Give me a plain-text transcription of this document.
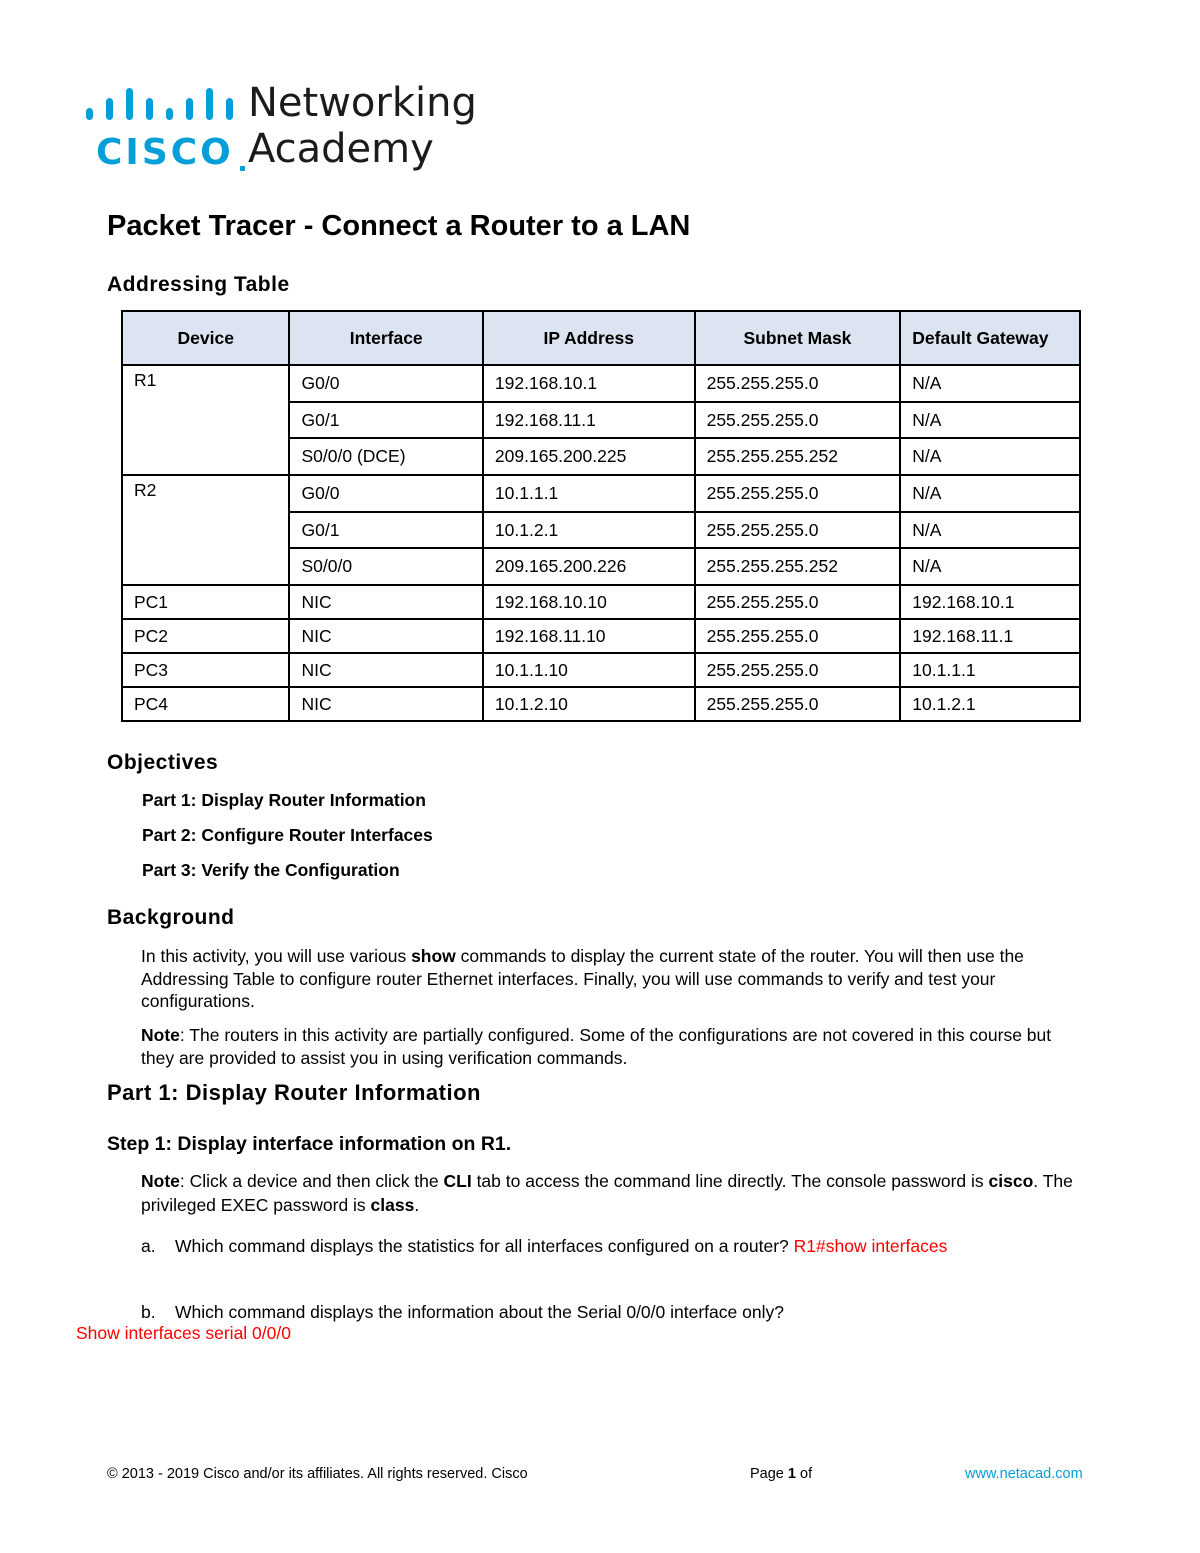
CISCO
Networking
Academy
Packet Tracer - Connect a Router to a LAN
Addressing Table
Device	Interface	IP Address	Subnet Mask	Default Gateway
R1	G0/0	192.168.10.1	255.255.255.0	N/A
	G0/1	192.168.11.1	255.255.255.0	N/A
	S0/0/0 (DCE)	209.165.200.225	255.255.255.252	N/A
R2	G0/0	10.1.1.1	255.255.255.0	N/A
	G0/1	10.1.2.1	255.255.255.0	N/A
	S0/0/0	209.165.200.226	255.255.255.252	N/A
PC1	NIC	192.168.10.10	255.255.255.0	192.168.10.1
PC2	NIC	192.168.11.10	255.255.255.0	192.168.11.1
PC3	NIC	10.1.1.10	255.255.255.0	10.1.1.1
PC4	NIC	10.1.2.10	255.255.255.0	10.1.2.1
Objectives

Part 1: Display Router Information

Part 2: Configure Router Interfaces

Part 3: Verify the Configuration

Background

In this activity, you will use various show commands to display the current state of the router. You will then use the Addressing Table to configure router Ethernet interfaces. Finally, you will use commands to verify and test your configurations.

Note: The routers in this activity are partially configured. Some of the configurations are not covered in this course but they are provided to assist you in using verification commands.

Part 1: Display Router Information
Step 1: Display interface information on R1.

Note: Click a device and then click the CLI tab to access the command line directly. The console password is cisco. The privileged EXEC password is class.

a. Which command displays the statistics for all interfaces configured on a router? R1#show interfaces

b. Which command displays the information about the Serial 0/0/0 interface only?

Show interfaces serial 0/0/0

© 2013 - 2019 Cisco and/or its affiliates. All rights reserved. Cisco	Page 1 of	www.netacad.com
